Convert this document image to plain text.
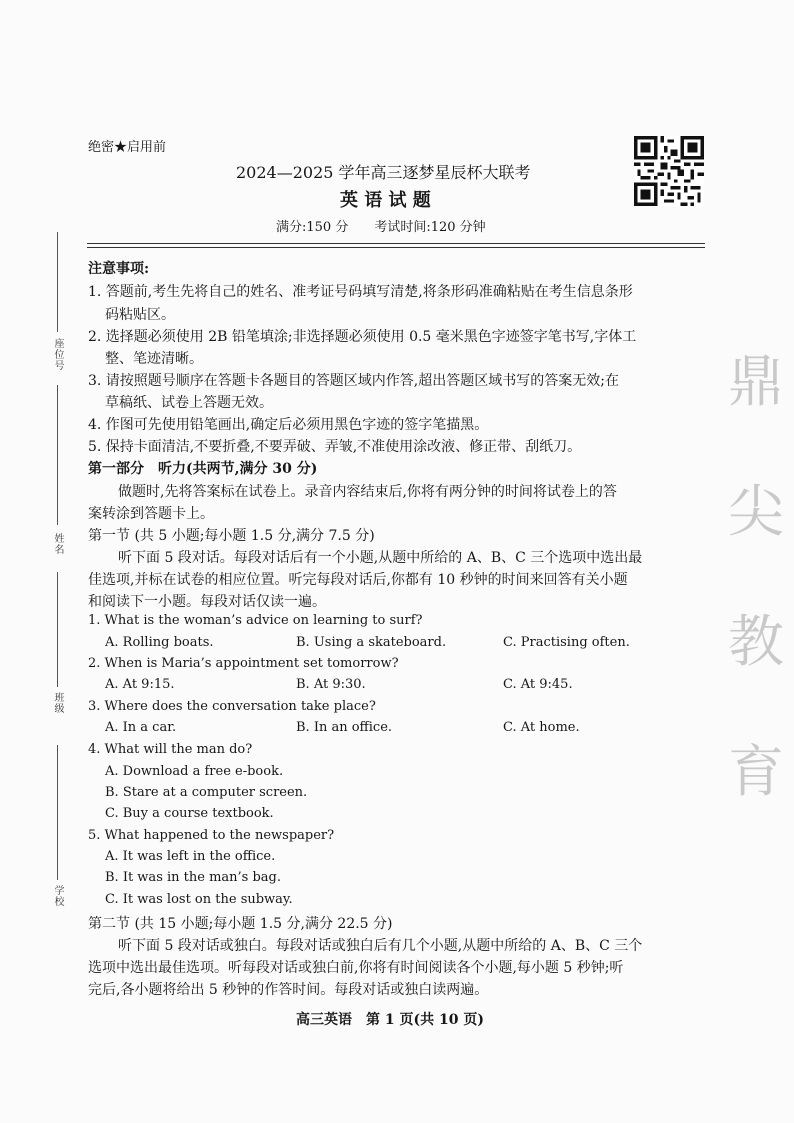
座位号
姓名
班级
学校
鼎
尖
教
育
绝密★启用前
2024—2025 学年高三逐梦星辰杯大联考
英 语 试 题
满分:150 分　　考试时间:120 分钟
注意事项:
1. 答题前,考生先将自己的姓名、准考证号码填写清楚,将条形码准确粘贴在考生信息条形
码粘贴区。
2. 选择题必须使用 2B 铅笔填涂;非选择题必须使用 0.5 毫米黑色字迹签字笔书写,字体工
整、笔迹清晰。
3. 请按照题号顺序在答题卡各题目的答题区域内作答,超出答题区域书写的答案无效;在
草稿纸、试卷上答题无效。
4. 作图可先使用铅笔画出,确定后必须用黑色字迹的签字笔描黑。
5. 保持卡面清洁,不要折叠,不要弄破、弄皱,不准使用涂改液、修正带、刮纸刀。
第一部分　听力(共两节,满分 30 分)
做题时,先将答案标在试卷上。录音内容结束后,你将有两分钟的时间将试卷上的答
案转涂到答题卡上。
第一节 (共 5 小题;每小题 1.5 分,满分 7.5 分)
听下面 5 段对话。每段对话后有一个小题,从题中所给的 A、B、C 三个选项中选出最
佳选项,并标在试卷的相应位置。听完每段对话后,你都有 10 秒钟的时间来回答有关小题
和阅读下一小题。每段对话仅读一遍。
1. What is the woman’s advice on learning to surf?
A. Rolling boats.	B. Using a skateboard.	C. Practising often.
2. When is Maria’s appointment set tomorrow?
A. At 9:15.	B. At 9:30.	C. At 9:45.
3. Where does the conversation take place?
A. In a car.	B. In an office.	C. At home.
4. What will the man do?
A. Download a free e-book.
B. Stare at a computer screen.
C. Buy a course textbook.
5. What happened to the newspaper?
A. It was left in the office.
B. It was in the man’s bag.
C. It was lost on the subway.
第二节 (共 15 小题;每小题 1.5 分,满分 22.5 分)
听下面 5 段对话或独白。每段对话或独白后有几个小题,从题中所给的 A、B、C 三个
选项中选出最佳选项。听每段对话或独白前,你将有时间阅读各个小题,每小题 5 秒钟;听
完后,各小题将给出 5 秒钟的作答时间。每段对话或独白读两遍。
高三英语　第 1 页(共 10 页)
